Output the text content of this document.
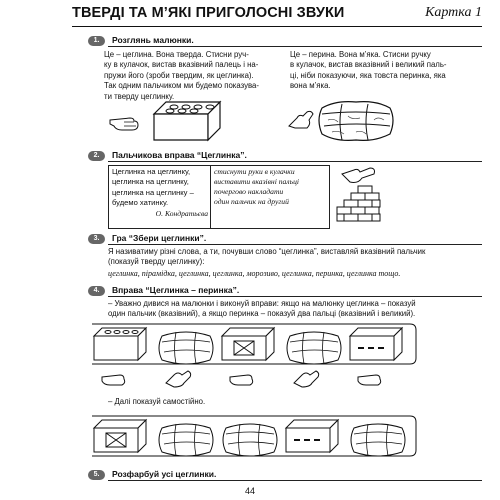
ТВЕРДІ ТА М’ЯКІ ПРИГОЛОСНІ ЗВУКИ	Картка 1
1.	Розглянь малюнки.
Це – цеглина. Вона тверда. Стисни руч-
ку в кулачок, вистав вказівний палець і на-
пружи його (зроби твердим, як цеглинка).
Так одним пальчиком ми будемо показува-
ти тверду цеглинку.
Це – перина. Вона м’яка. Стисни ручку
в кулачок, вистав вказівний і великий паль-
ці, ніби показуючи, яка товста перинка, яка
вона м’яка.
2.	Пальчикова вправа “Цеглинка”.
Цеглинка на цеглинку,
цеглинка на цеглинку,
цеглинка на цеглинку –
будемо хатинку.
О. Кондратьєва
стиснути руки в кулачки
виставити вказівні пальці
почергово накладати
один пальчик на другий
3.	Гра “Збери цеглинки”.
Я називатиму різні слова, а ти, почувши слово “цеглинка”, виставляй вказівний пальчик
(показуй тверду цеглинку):
цеглинка, пірамідка, цеглинка, цеглинка, морозиво, цеглинка, перинка, цеглинка тощо.
4.	Вправа “Цеглинка – перинка”.
– Уважно дивися на малюнки і виконуй вправи: якщо на малюнку цеглинка – показуй
один пальчик (вказівний), а якщо перинка – показуй два пальці (вказівний і великий).
– Далі показуй самостійно.
5.	Розфарбуй усі цеглинки.
44
